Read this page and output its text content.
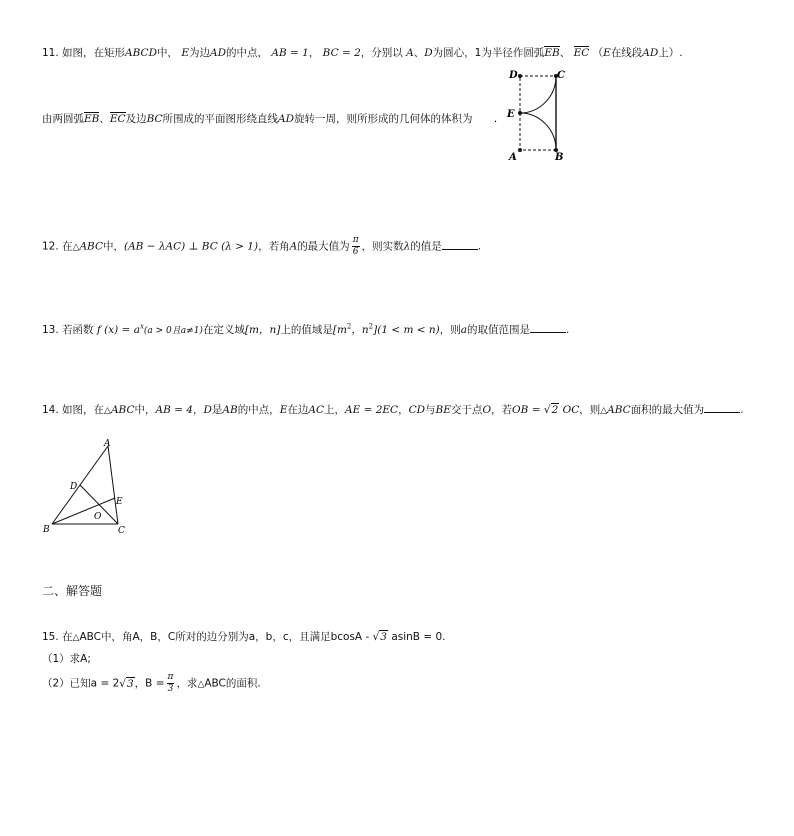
11. 如图，在矩形ABCD中， E为边AD的中点， AB = 1， BC = 2，分别以 A、D为圆心，1为半径作圆弧EB、 EC （E在线段AD上）.
由两圆弧EB、EC及边BC所围成的平面图形绕直线AD旋转一周，则所形成的几何体的体积为 .
D	C
E
A	B
12. 在△ABC中，(AB − λAC) ⊥ BC (λ > 1)，若角A的最大值为 $\frac{\pi}{6}$ ，则实数λ的值是	.
13. 若函数 f $(x) = a^x(a > 0$且a≠1)在定义域[m，n]上的值域是[$m^2$，$n^2](1 < m < n)$，则a的取值范围是	.
14. 如图，在△ABC中，AB = 4，D是AB的中点，E在边AC上，AE = 2EC，CD与BE交于点O，若OB = √2 OC，则△ABC面积的最大值为	.
A
D
E
O
B	C
二、解答题
15. 在△ABC中，角A，B，C所对的边分别为a，b，c，且满足bcosA - √3 asinB = 0.
（1）求A;
（2）已知a = 2√3，$B = \frac{\pi}{3}$ ，求△ABC的面积.
